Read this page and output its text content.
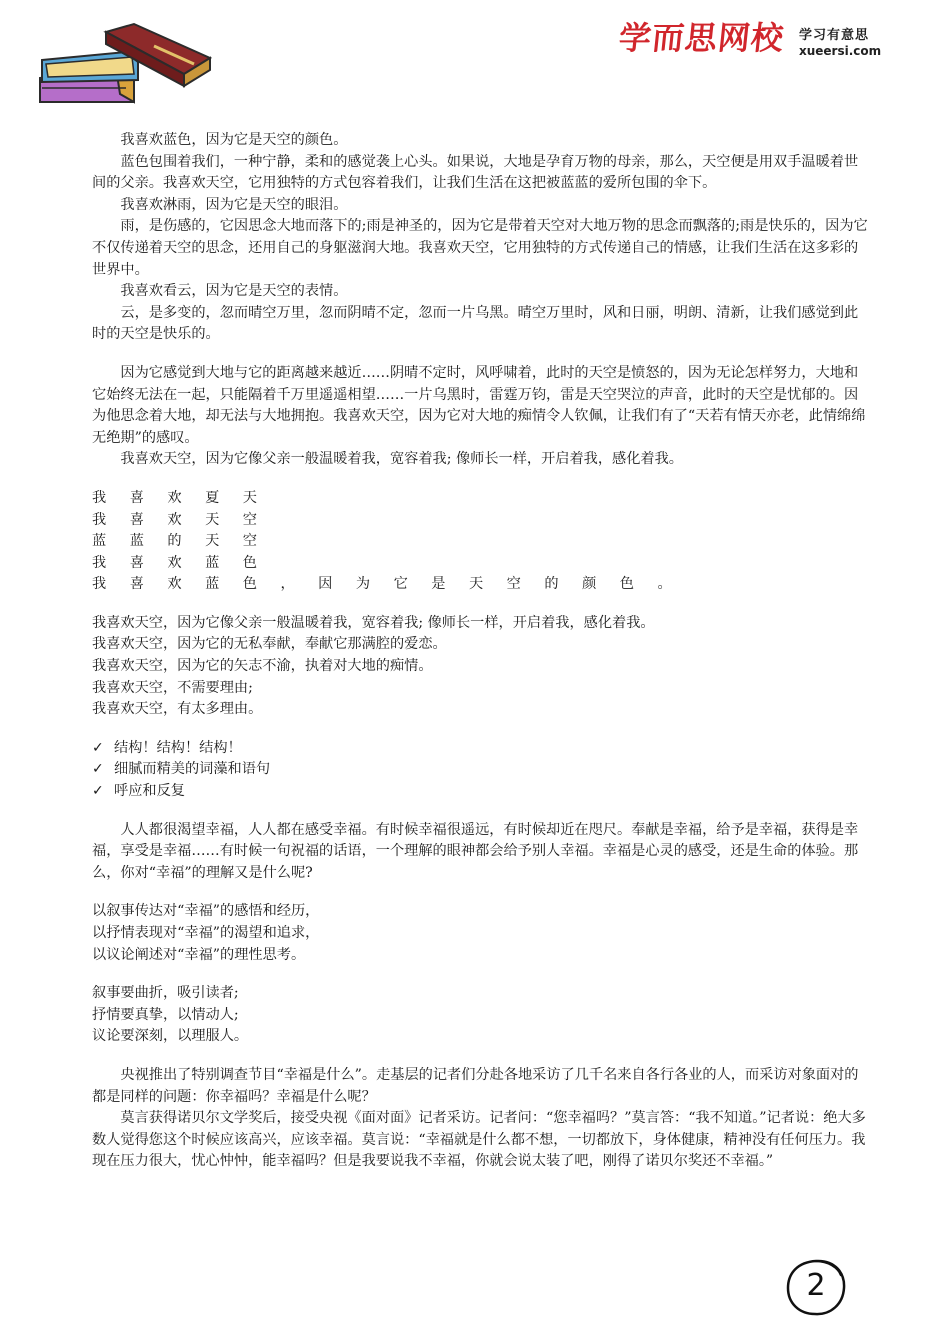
学而思网校 学习有意思
xueersi.com

我喜欢蓝色，因为它是天空的颜色。

蓝色包围着我们，一种宁静，柔和的感觉袭上心头。如果说，大地是孕育万物的母亲，那么，天空便是用双手温暖着世间的父亲。我喜欢天空，它用独特的方式包容着我们，让我们生活在这把被蓝蓝的爱所包围的伞下。

我喜欢淋雨，因为它是天空的眼泪。

雨，是伤感的，它因思念大地而落下的;雨是神圣的，因为它是带着天空对大地万物的思念而飘落的;雨是快乐的，因为它不仅传递着天空的思念，还用自己的身躯滋润大地。我喜欢天空，它用独特的方式传递自己的情感，让我们生活在这多彩的世界中。

我喜欢看云，因为它是天空的表情。

云，是多变的，忽而晴空万里，忽而阴晴不定，忽而一片乌黑。晴空万里时，风和日丽，明朗、清新，让我们感觉到此时的天空是快乐的。

因为它感觉到大地与它的距离越来越近……阴晴不定时，风呼啸着，此时的天空是愤怒的，因为无论怎样努力，大地和它始终无法在一起，只能隔着千万里遥遥相望……一片乌黑时，雷霆万钧，雷是天空哭泣的声音，此时的天空是忧郁的。因为他思念着大地，却无法与大地拥抱。我喜欢天空，因为它对大地的痴情令人钦佩，让我们有了“天若有情天亦老，此情绵绵无绝期”的感叹。

我喜欢天空，因为它像父亲一般温暖着我，宽容着我; 像师长一样，开启着我，感化着我。

我 喜 欢 夏 天

我 喜 欢 天 空

蓝 蓝 的 天 空

我 喜 欢 蓝 色

我 喜 欢 蓝 色 ， 因 为 它 是 天 空 的 颜 色 。

我喜欢天空，因为它像父亲一般温暖着我，宽容着我; 像师长一样，开启着我，感化着我。

我喜欢天空，因为它的无私奉献，奉献它那满腔的爱恋。

我喜欢天空，因为它的矢志不渝，执着对大地的痴情。

我喜欢天空，不需要理由;

我喜欢天空，有太多理由。

✓ 结构！结构！结构！

✓ 细腻而精美的词藻和语句

✓ 呼应和反复

人人都很渴望幸福，人人都在感受幸福。有时候幸福很遥远，有时候却近在咫尺。奉献是幸福，给予是幸福，获得是幸福，享受是幸福……有时候一句祝福的话语，一个理解的眼神都会给予别人幸福。幸福是心灵的感受，还是生命的体验。那么，你对“幸福”的理解又是什么呢?

以叙事传达对“幸福”的感悟和经历，

以抒情表现对“幸福”的渴望和追求，

以议论阐述对“幸福”的理性思考。

叙事要曲折，吸引读者;

抒情要真挚，以情动人;

议论要深刻，以理服人。

央视推出了特别调查节目“幸福是什么”。走基层的记者们分赴各地采访了几千名来自各行各业的人，而采访对象面对的都是同样的问题：你幸福吗？幸福是什么呢？

莫言获得诺贝尔文学奖后，接受央视《面对面》记者采访。记者问：“您幸福吗？”莫言答：“我不知道。”记者说：绝大多数人觉得您这个时候应该高兴，应该幸福。莫言说：“幸福就是什么都不想，一切都放下，身体健康，精神没有任何压力。我现在压力很大，忧心忡忡，能幸福吗？但是我要说我不幸福，你就会说太装了吧，刚得了诺贝尔奖还不幸福。”

2
